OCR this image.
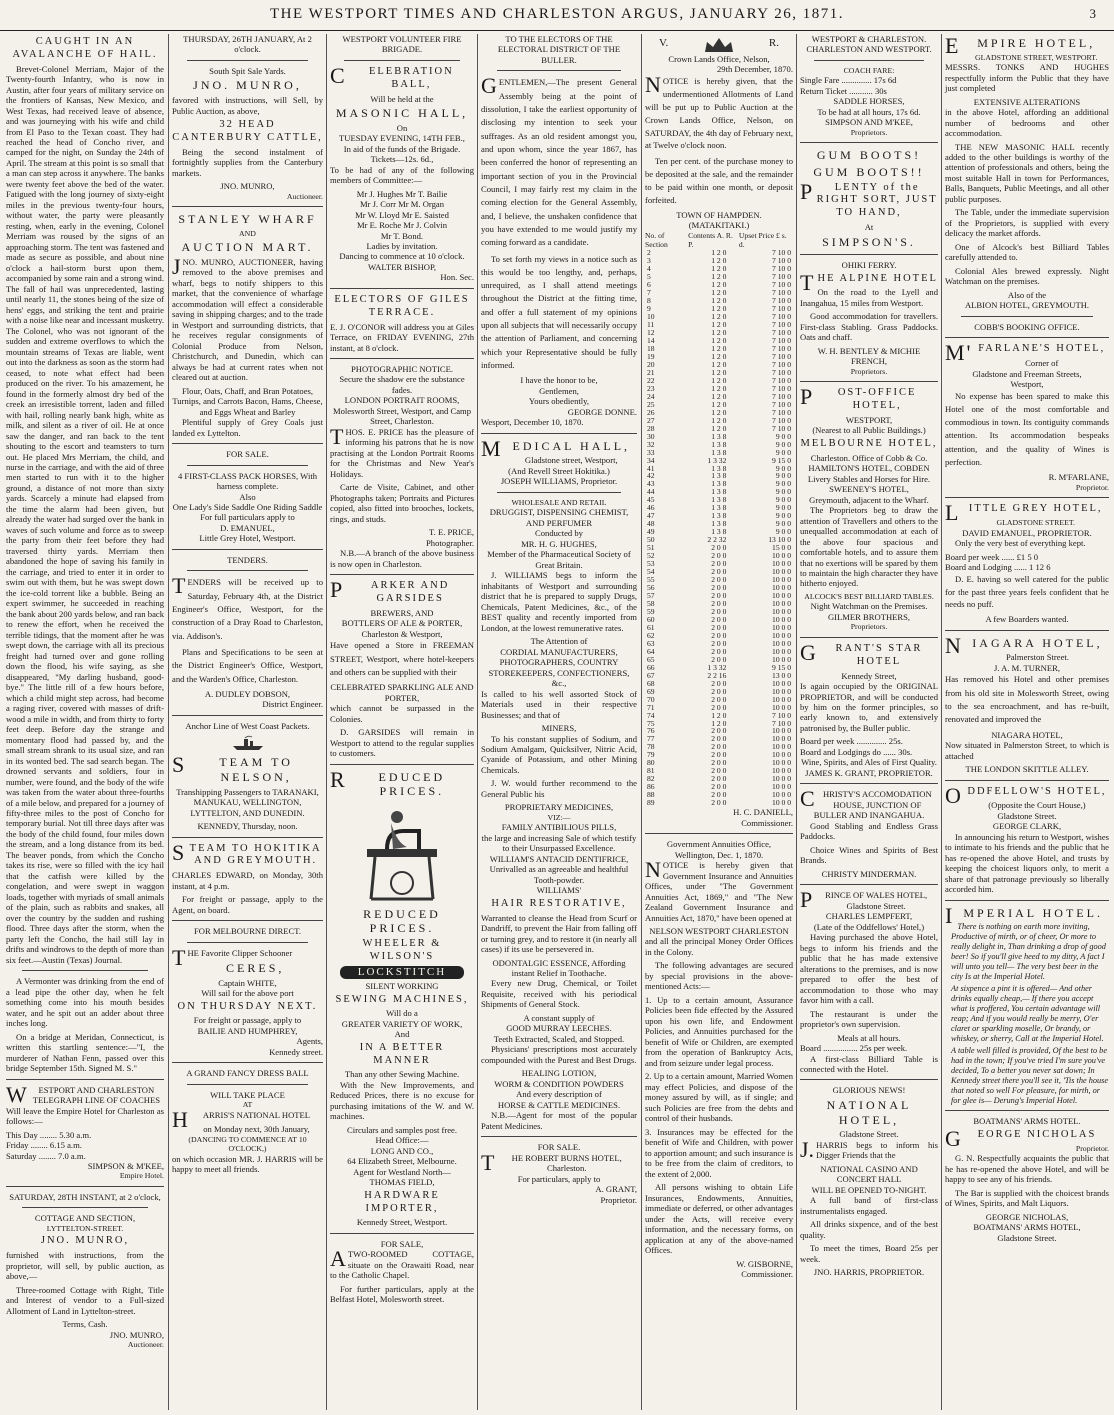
THE WESTPORT TIMES AND CHARLESTON ARGUS, JANUARY 26, 1871.	3
CAUGHT IN AN AVALANCHE OF HAIL.
Brevet-Colonel Merriam, Major of the Twenty-fourth Infantry, who is now in Austin, after four years of military service on the frontiers of Kansas, New Mexico, and West Texas, had received leave of absence, and was journeying with his wife and child from El Paso to the Texan coast. They had reached the head of Concho river, and camped for the night, on Sunday the 24th of April. The stream at this point is so small that a man can step across it anywhere. The banks were twenty feet above the bed of the water. Fatigued with the long journey of sixty-eight miles in the previous twenty-four hours, without water, the party were pleasantly resting, when, early in the evening, Colonel Merriam was roused by the signs of an approaching storm. The tent was fastened and made as secure as possible, and about nine o'clock a hail-storm burst upon them, accompanied by some rain and a strong wind. The fall of hail was unprecedented, lasting until nearly 11, the stones being of the size of hens' eggs, and striking the tent and prairie with a noise like near and incessant musketry. The Colonel, who was not ignorant of the sudden and extreme overflows to which the mountain streams of Texas are liable, went out into the darkness as soon as the storm had ceased, to note what effect had been produced on the river. To his amazement, he found in the formerly almost dry bed of the creek an irresistible torrent, laden and filled with hail, rolling nearly bank high, white as milk, and silent as a river of oil. He at once saw the danger, and ran back to the tent shouting to the escort and teamsters to turn out. He placed Mrs Merriam, the child, and nurse in the carriage, and with the aid of three men started to run with it to the higher ground, a distance of not more than sixty yards. Scarcely a minute had elapsed from the time the alarm had been given, but already the water had surged over the bank in waves of such volume and force as to sweep the party from their feet before they had traversed thirty yards. Merriam then abandoned the hope of saving his family in the carriage, and tried to enter it in order to swim out with them, but he was swept down the ice-cold torrent like a bubble. Being an expert swimmer, he succeeded in reaching the bank about 200 yards below, and ran back to renew the effort, when he received the terrible tidings, that the moment after he was swept down, the carriage with all its precious freight had turned over and gone rolling down the flood, his wife saying, as she disappeared, "My darling husband, good-bye." The little rill of a few hours before, which a child might step across, had become a raging river, covered with masses of drift-wood a mile in width, and from thirty to forty feet deep. Before day the strange and momentary flood had passed by, and the small stream shrank to its usual size, and ran in its wonted bed. The sad search began. The drowned servants and soldiers, four in number, were found, and the body of the wife was taken from the water about three-fourths of a mile below, and prepared for a journey of fifty-three miles to the post of Concho for temporary burial. Not till three days after was the body of the child found, four miles down the stream, and a long distance from its bed. The beaver ponds, from which the Concho takes its rise, were so filled with the icy hail that the catfish were killed by the congelation, and were swept in waggon loads, together with myriads of small animals of the plain, such as rabbits and snakes, all over the country by the sudden and rushing flood. Three days after the storm, when the party left the Concho, the hail still lay in drifts and windrows to the depth of more than six feet.—Austin (Texas) Journal.
A Vermonter was drinking from the end of a lead pipe the other day, when he felt something come into his mouth besides water, and he spit out an adder about three inches long.
On a bridge at Meridan, Connecticut, is written this startling sentence:—"I, the murderer of Nathan Fenn, passed over this bridge September 15th. Signed M. S."
WESTPORT AND CHARLESTON
TELEGRAPH LINE OF COACHES
Will leave the Empire Hotel for Charleston as follows:—
This Day ........ 5.30 a.m.
Friday ........ 6.15 a.m.
Saturday ........ 7.0 a.m.
SIMPSON & M'KEE,
Empire Hotel.
SATURDAY, 28TH INSTANT, at 2 o'clock,
COTTAGE AND SECTION,
LYTTELTON-STREET.
JNO. MUNRO,
furnished with instructions, from the proprietor, will sell, by public auction, as above,—
Three-roomed Cottage with Right, Title and Interest of vendor to a Full-sized Allotment of Land in Lyttelton-street.
Terms, Cash.
JNO. MUNRO,
Auctioneer.
THURSDAY, 26TH JANUARY, At 2 o'clock.
South Spit Sale Yards.
JNO. MUNRO,
favored with instructions, will Sell, by Public Auction, as above,
32 HEAD CANTERBURY CATTLE,
Being the second instalment of fortnightly supplies from the Canterbury markets.
JNO. MUNRO,
Auctioneer.
STANLEY WHARF
AND
AUCTION MART.
JNO. MUNRO, AUCTIONEER, having removed to the above premises and wharf, begs to notify shippers to this market, that the convenience of wharfage accommodation will effect a considerable saving in shipping charges; and to the trade in Westport and surrounding districts, that he receives regular consignments of Colonial Produce from Nelson, Christchurch, and Dunedin, which can always be had at current rates when not cleared out at auction.
Flour, Oats, Chaff, and Bran Potatoes, Turnips, and Carrots Bacon, Hams, Cheese, and Eggs Wheat and Barley
Plentiful supply of Grey Coals just landed ex Lyttelton.
FOR SALE.
4 FIRST-CLASS PACK HORSES, With harness complete.
Also
One Lady's Side Saddle One Riding Saddle
For full particulars apply to
D. EMANUEL,
Little Grey Hotel, Westport.
TENDERS.
TENDERS will be received up to Saturday, February 4th, at the District Engineer's Office, Westport, for the construction of a Dray Road to Charleston, via. Addison's.
Plans and Specifications to be seen at the District Engineer's Office, Westport, and the Warden's Office, Charleston.
A. DUDLEY DOBSON,
District Engineer.
Anchor Line of West Coast Packets.
STEAM TO NELSON,
Transhipping Passengers to TARANAKI, MANUKAU, WELLINGTON, LYTTELTON, AND DUNEDIN.
KENNEDY, Thursday, noon.
STEAM TO HOKITIKA AND GREYMOUTH.
CHARLES EDWARD, on Monday, 30th instant, at 4 p.m.
For freight or passage, apply to the Agent, on board.
FOR MELBOURNE DIRECT.
THE Favorite Clipper Schooner
CERES,
Captain WHITE,
Will sail for the above port
ON THURSDAY NEXT.
For freight or passage, apply to
BAILIE AND HUMPHREY,
Agents,
Kennedy street.
A GRAND FANCY DRESS BALL
WILL TAKE PLACE
AT
HARRIS'S NATIONAL HOTEL
on Monday next, 30th January,
(DANCING TO COMMENCE AT 10 O'CLOCK,)
on which occasion MR. J. HARRIS will be happy to meet all friends.
WESTPORT VOLUNTEER FIRE BRIGADE.
CELEBRATION BALL,
Will be held at the
MASONIC HALL,
On
TUESDAY EVENING, 14TH FEB.,
In aid of the funds of the Brigade.
Tickets—12s. 6d.,
To be had of any of the following members of Committee:—
Mr J. Hughes Mr T. Bailie
Mr J. Corr Mr M. Organ
Mr W. Lloyd Mr E. Saisted
Mr E. Roche Mr J. Colvin
Mr T. Bond.
Ladies by invitation.
Dancing to commence at 10 o'clock.
WALTER BISHOP,
Hon. Sec.
ELECTORS OF GILES TERRACE.
E. J. O'CONOR will address you at Giles Terrace, on FRIDAY EVENING, 27th instant, at 8 o'clock.
PHOTOGRAPHIC NOTICE.
Secure the shadow ere the substance fades.
LONDON PORTRAIT ROOMS,
Molesworth Street, Westport, and Camp Street, Charleston.
THOS. E. PRICE has the pleasure of informing his patrons that he is now practising at the London Portrait Rooms for the Christmas and New Year's Holidays.
Carte de Visite, Cabinet, and other Photographs taken; Portraits and Pictures copied, also fitted into brooches, lockets, rings, and studs.
T. E. PRICE,
Photographer.
N.B.—A branch of the above business is now open in Charleston.
PARKER AND GARSIDES
BREWERS, AND
BOTTLERS OF ALE & PORTER,
Charleston & Westport,
Have opened a Store in FREEMAN STREET, Westport, where hotel-keepers and others can be supplied with their
CELEBRATED SPARKLING ALE AND PORTER,
which cannot be surpassed in the Colonies.
D. GARSIDES will remain in Westport to attend to the regular supplies to customers.
REDUCED PRICES.
REDUCED PRICES.
WHEELER & WILSON'S
LOCKSTITCH
SILENT WORKING
SEWING MACHINES,
Will do a
GREATER VARIETY OF WORK,
And
IN A BETTER MANNER
Than any other Sewing Machine.
With the New Improvements, and Reduced Prices, there is no excuse for purchasing imitations of the W. and W. machines.
Circulars and samples post free.
Head Office:—
LONG AND CO.,
64 Elizabeth Street, Melbourne.
Agent for Westland North—
THOMAS FIELD,
HARDWARE IMPORTER,
Kennedy Street, Westport.
FOR SALE,
ATWO-ROOMED COTTAGE, situate on the Orawaiti Road, near to the Catholic Chapel.
For further particulars, apply at the Belfast Hotel, Molesworth street.
TO THE ELECTORS OF THE ELECTORAL DISTRICT OF THE BULLER.
GENTLEMEN,—The present General Assembly being at the point of dissolution, I take the earliest opportunity of disclosing my intention to seek your suffrages. As an old resident amongst you, and upon whom, since the year 1867, has been conferred the honor of representing an important section of you in the Provincial Council, I may fairly rest my claim in the coming election for the General Assembly, and, I believe, the unshaken confidence that you have extended to me would justify my coming forward as a candidate.
To set forth my views in a notice such as this would be too lengthy, and, perhaps, unrequired, as I shall attend meetings throughout the District at the fitting time, and offer a full statement of my opinions upon all subjects that will necessarily occupy the attention of Parliament, and concerning which your Representative should be fully informed.
I have the honor to be,
Gentlemen,
Yours obediently,
GEORGE DONNE.
Wesport, December 10, 1870.
MEDICAL HALL,
Gladstone street, Westport,
(And Revell Street Hokitika.)
JOSEPH WILLIAMS, Proprietor.
WHOLESALE AND RETAIL
DRUGGIST, DISPENSING CHEMIST, AND PERFUMER
Conducted by
MR. H. G. HUGHES,
Member of the Pharmaceutical Society of Great Britain.
J. WILLIAMS begs to inform the inhabitants of Westport and surrounding district that he is prepared to supply Drugs, Chemicals, Patent Medicines, &c., of the BEST quality and recently imported from London, at the lowest remunerative rates.
The Attention of
CORDIAL MANUFACTURERS, PHOTOGRAPHERS, COUNTRY STOREKEEPERS, CONFECTIONERS, &c.,
Is called to his well assorted Stock of Materials used in their respective Businesses; and that of
MINERS,
To his constant supplies of Sodium, and Sodium Amalgam, Quicksilver, Nitric Acid, Cyanide of Potassium, and other Mining Chemicals.
J. W. would further recommend to the General Public his
PROPRIETARY MEDICINES,
VIZ:—
FAMILY ANTIBILIOUS PILLS,
the large and increasing Sale of which testify to their Unsurpassed Excellence.
WILLIAM'S ANTACID DENTIFRICE, Unrivalled as an agreeable and healthful Tooth-powder.
WILLIAMS'
HAIR RESTORATIVE,
Warranted to cleanse the Head from Scurf or Dandriff, to prevent the Hair from falling off or turning grey, and to restore it (in nearly all cases) if its use be persevered in.
ODONTALGIC ESSENCE, Affording instant Relief in Toothache.
Every new Drug, Chemical, or Toilet Requisite, received with his periodical Shipments of General Stock.
A constant supply of
GOOD MURRAY LEECHES.
Teeth Extracted, Scaled, and Stopped.
Physicians' prescriptions most accurately compounded with the Purest and Best Drugs.
HEALING LOTION,
WORM & CONDITION POWDERS
And every description of
HORSE & CATTLE MEDICINES.
N.B.—Agent for most of the popular Patent Medicines.
FOR SALE.
THE ROBERT BURNS HOTEL, Charleston.
For particulars, apply to
A. GRANT,
Proprietor.
V.	R.
Crown Lands Office, Nelson,
29th December, 1870.
NOTICE is hereby given, that the undermentioned Allotments of Land will be put up to Public Auction at the Crown Lands Office, Nelson, on SATURDAY, the 4th day of February next, at Twelve o'clock noon.
Ten per cent. of the purchase money to be deposited at the sale, and the remainder to be paid within one month, or deposit forfeited.
TOWN OF HAMPDEN.
(MATAKITAKI.)
No. of Section
Contents A. R. P.
Upset Price £ s. d.
2	1 2 0	7 10 0
3	1 2 0	7 10 0
4	1 2 0	7 10 0
5	1 2 0	7 10 0
6	1 2 0	7 10 0
7	1 2 0	7 10 0
8	1 2 0	7 10 0
9	1 2 0	7 10 0
10	1 2 0	7 10 0
11	1 2 0	7 10 0
12	1 2 0	7 10 0
14	1 2 0	7 10 0
18	1 2 0	7 10 0
19	1 2 0	7 10 0
20	1 2 0	7 10 0
21	1 2 0	7 10 0
22	1 2 0	7 10 0
23	1 2 0	7 10 0
24	1 2 0	7 10 0
25	1 2 0	7 10 0
26	1 2 0	7 10 0
27	1 2 0	7 10 0
28	1 2 0	7 10 0
30	1 3 8	9 0 0
32	1 3 8	9 0 0
33	1 3 8	9 0 0
34	1 3 32	9 15 0
41	1 3 8	9 0 0
42	1 3 8	9 0 0
43	1 3 8	9 0 0
44	1 3 8	9 0 0
45	1 3 8	9 0 0
46	1 3 8	9 0 0
47	1 3 8	9 0 0
48	1 3 8	9 0 0
49	1 3 8	9 0 0
50	2 2 32	13 10 0
51	2 0 0	15 0 0
52	2 0 0	10 0 0
53	2 0 0	10 0 0
54	2 0 0	10 0 0
55	2 0 0	10 0 0
56	2 0 0	10 0 0
57	2 0 0	10 0 0
58	2 0 0	10 0 0
59	2 0 0	10 0 0
60	2 0 0	10 0 0
61	2 0 0	10 0 0
62	2 0 0	10 0 0
63	2 0 0	10 0 0
64	2 0 0	10 0 0
65	2 0 0	10 0 0
66	1 3 32	9 15 0
67	2 2 16	13 0 0
68	2 0 0	10 0 0
69	2 0 0	10 0 0
70	2 0 0	10 0 0
71	2 0 0	10 0 0
74	1 2 0	7 10 0
75	1 2 0	7 10 0
76	2 0 0	10 0 0
77	2 0 0	10 0 0
78	2 0 0	10 0 0
79	2 0 0	10 0 0
80	2 0 0	10 0 0
81	2 0 0	10 0 0
82	2 0 0	10 0 0
86	2 0 0	10 0 0
88	2 0 0	10 0 0
89	2 0 0	10 0 0
H. C. DANIELL,
Commissioner.
Government Annuities Office,
Wellington, Dec. 1, 1870.
NOTICE is hereby given that Government Insurance and Annuities Offices, under "The Government Annuities Act, 1869," and "The New Zealand Government Insurance and Annuities Act, 1870," have been opened at
NELSON WESTPORT CHARLESTON
and all the principal Money Order Offices in the Colony.
The following advantages are secured by special provisions in the above-mentioned Acts:—
1. Up to a certain amount, Assurance Policies been fide effected by the Assured upon his own life, and Endowment Policies, and Annuities purchased for the benefit of Wife or Children, are exempted from the operation of Bankruptcy Acts, and from seizure under legal process.
2. Up to a certain amount, Married Women may effect Policies, and dispose of the money assured by will, as if single; and such Policies are free from the debts and control of their husbands.
3. Insurances may be effected for the benefit of Wife and Children, with power to apportion amount; and such insurance is to be free from the claim of creditors, to the extent of 2,000.
All persons wishing to obtain Life Insurances, Endowments, Annuities, immediate or deferred, or other advantages under the Acts, will receive every information, and the necessary forms, on application at any of the above-named Offices.
W. GISBORNE,
Commissioner.
WESTPORT & CHARLESTON.
CHARLESTON AND WESTPORT.
COACH FARE:
Single Fare .............. 17s 6d
Return Ticket ........... 30s
SADDLE HORSES,
To be had at all hours, 17s 6d.
SIMPSON AND M'KEE,
Proprietors.
GUM BOOTS!
GUM BOOTS!!
PLENTY of the RIGHT SORT, JUST TO HAND,
At
SIMPSON'S.
OHIKI FERRY.
THE ALPINE HOTEL
On the road to the Lyell and Inangahua, 15 miles from Westport.
Good accommodation for travellers. First-class Stabling. Grass Paddocks. Oats and chaff.
W. H. BENTLEY & MICHIE FRENCH,
Proprietors.
POST-OFFICE HOTEL,
WESTPORT,
(Nearest to all Public Buildings.)
MELBOURNE HOTEL,
Charleston. Office of Cobb & Co.
HAMILTON'S HOTEL, COBDEN
Livery Stables and Horses for Hire.
SWEENEY'S HOTEL,
Greymouth, adjacent to the Wharf.
The Proprietors beg to draw the attention of Travellers and others to the unequalled accommodation at each of the above four spacious and comfortable hotels, and to assure them that no exertions will be spared by them to maintain the high character they have hitherto enjoyed.
ALCOCK'S BEST BILLIARD TABLES.
Night Watchman on the Premises.
GILMER BROTHERS,
Proprietors.
GRANT'S STAR HOTEL
Kennedy Street,
Is again occupied by the ORIGINAL PROPRIETOR, and will be conducted by him on the former principles, so early known to, and extensively patronised by, the Buller public.
Board per week .............. 25s.
Board and Lodgings do ...... 30s.
Wine, Spirits, and Ales of First Quality.
JAMES K. GRANT, PROPRIETOR.
CHRISTY'S ACCOMODATION HOUSE, JUNCTION OF BULLER AND INANGAHUA.
Good Stabling and Endless Grass Paddocks.
Choice Wines and Spirits of Best Brands.
CHRISTY MINDERMAN.
PRINCE OF WALES HOTEL,
Gladstone Street.
CHARLES LEMPFERT,
(Late of the Oddfellows' Hotel,)
Having purchased the above Hotel, begs to inform his friends and the public that he has made extensive alterations to the premises, and is now prepared to offer the best of accommodation to those who may favor him with a call.
The restaurant is under the proprietor's own supervision.
Meals at all hours.
Board ................ 25s per week.
A first-class Billiard Table is connected with the Hotel.
GLORIOUS NEWS!
NATIONAL HOTEL,
Gladstone Street.
J.HARRIS begs to inform his Digger Friends that the
NATIONAL CASINO AND CONCERT HALL
WILL BE OPENED TO-NIGHT.
A full band of first-class instrumentalists engaged.
All drinks sixpence, and of the best quality.
To meet the times, Board 25s per week.
JNO. HARRIS, PROPRIETOR.
EMPIRE HOTEL,
GLADSTONE STREET, WESTPORT.
MESSRS. TONKS AND HUGHES respectfully inform the Public that they have just completed
EXTENSIVE ALTERATIONS
in the above Hotel, affording an additional number of bedrooms and other accommodation.
THE NEW MASONIC HALL recently added to the other buildings is worthy of the attention of professionals and others, being the most suitable Hall in town for Performances, Balls, Banquets, Public Meetings, and all other public purposes.
The Table, under the immediate supervision of the Proprietors, is supplied with every delicacy the market affords.
One of Alcock's best Billiard Tables carefully attended to.
Colonial Ales brewed expressly. Night Watchman on the premises.
Also of the
ALBION HOTEL, GREYMOUTH.
COBB'S BOOKING OFFICE.
M'FARLANE'S HOTEL,
Corner of
Gladstone and Freeman Streets,
Westport,
No expense has been spared to make this Hotel one of the most comfortable and commodious in town. Its contiguity commands attention. Its accommodation bespeaks attention, and the quality of Wines is perfection.
R. M'FARLANE,
Proprietor.
LITTLE GREY HOTEL,
GLADSTONE STREET.
DAVID EMANUEL, PROPRIETOR.
Only the very best of everything kept.
Board per week ...... £1 5 0
Board and Lodging ...... 1 12 6
D. E. having so well catered for the public for the past three years feels confident that he needs no puff.
A few Boarders wanted.
NIAGARA HOTEL,
Palmerston Street.
J. A. M. TURNER,
Has removed his Hotel and other premises from his old site in Molesworth Street, owing to the sea encroachment, and has re-built, renovated and improved the
NIAGARA HOTEL,
Now situated in Palmerston Street, to which is attached
THE LONDON SKITTLE ALLEY.
ODDFELLOW'S HOTEL,
(Opposite the Court House,)
Gladstone Street.
GEORGE CLARK,
In announcing his return to Westport, wishes to intimate to his friends and the public that he has re-opened the above Hotel, and trusts by keeping the choicest liquors only, to merit a share of that patronage previously so liberally accorded him.
IMPERIAL HOTEL.
There is nothing on earth more inviting, Productive of mirth, or of cheer, Or more to really delight in, Than drinking a drop of good beer! So if you'll give heed to my ditty, A fact I will unto you tell— The very best beer in the city Is at the Imperial Hotel.
At sixpence a pint it is offered— And other drinks equally cheap,— If there you accept what is proffered, You certain advantage will reap; And if you would really be merry, O'er claret or sparkling moselle, Or brandy, or whiskey, or sherry, Call at the Imperial Hotel.
A table well filled is provided, Of the best to be had in the town; If you've tried I'm sure you've decided, To a better you never sat down; In Kennedy street there you'll see it, 'Tis the house that noted so well For pleasure, for mirth, or for glee is— Derung's Imperial Hotel.
BOATMANS' ARMS HOTEL.
GEORGE NICHOLAS
Proprietor.
G. N. Respectfully acquaints the public that he has re-opened the above Hotel, and will be happy to see any of his friends.
The Bar is supplied with the choicest brands of Wines, Spirits, and Malt Liquors.
GEORGE NICHOLAS,
BOATMANS' ARMS HOTEL,
Gladstone Street.
